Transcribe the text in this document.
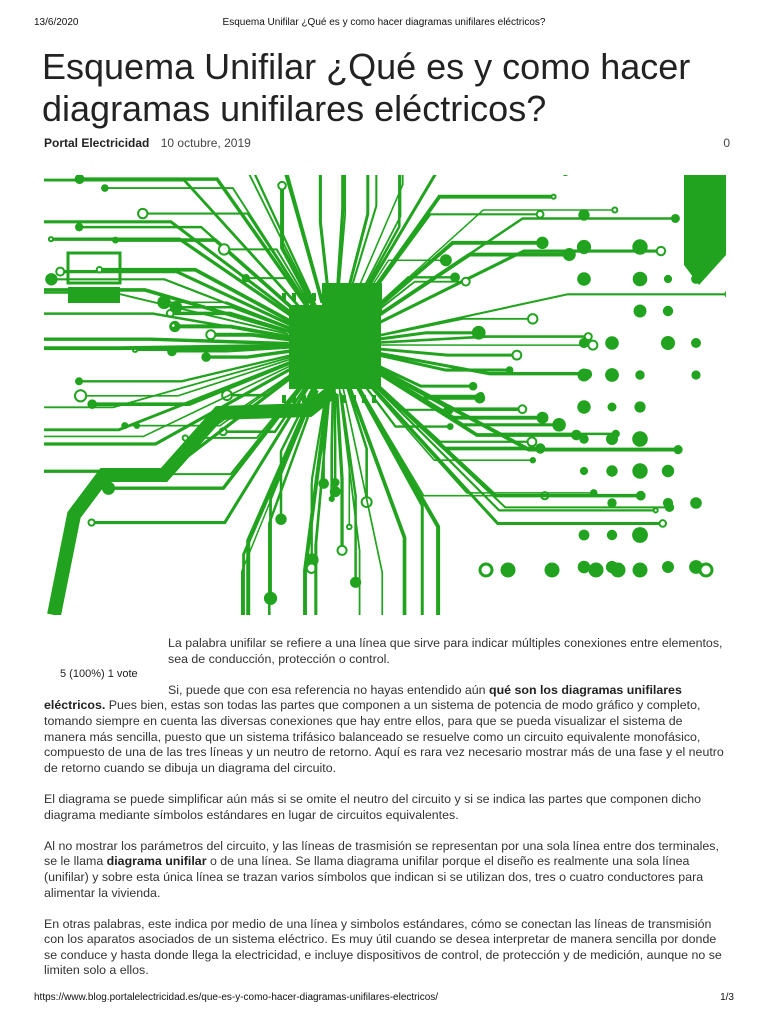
13/6/2020	Esquema Unifilar ¿Qué es y como hacer diagramas unifilares eléctricos?
Esquema Unifilar ¿Qué es y como hacer diagramas unifilares eléctricos?
Portal Electricidad 10 octubre, 2019	0
5 (100%) 1 vote

La palabra unifilar se refiere a una línea que sirve para indicar múltiples conexiones entre elementos, sea de conducción, protección o control.

Si, puede que con esa referencia no hayas entendido aún qué son los diagramas unifilares eléctricos. Pues bien, estas son todas las partes que componen a un sistema de potencia de modo gráfico y completo, tomando siempre en cuenta las diversas conexiones que hay entre ellos, para que se pueda visualizar el sistema de manera más sencilla, puesto que un sistema trifásico balanceado se resuelve como un circuito equivalente monofásico, compuesto de una de las tres líneas y un neutro de retorno. Aquí es rara vez necesario mostrar más de una fase y el neutro de retorno cuando se dibuja un diagrama del circuito.

El diagrama se puede simplificar aún más si se omite el neutro del circuito y si se indica las partes que componen dicho diagrama mediante símbolos estándares en lugar de circuitos equivalentes.

Al no mostrar los parámetros del circuito, y las líneas de trasmisión se representan por una sola línea entre dos terminales, se le llama diagrama unifilar o de una línea. Se llama diagrama unifilar porque el diseño es realmente una sola línea (unifilar) y sobre esta única línea se trazan varios símbolos que indican si se utilizan dos, tres o cuatro conductores para alimentar la vivienda.

En otras palabras, este indica por medio de una línea y simbolos estándares, cómo se conectan las líneas de transmisión con los aparatos asociados de un sistema eléctrico. Es muy útil cuando se desea interpretar de manera sencilla por donde se conduce y hasta donde llega la electricidad, e incluye dispositivos de control, de protección y de medición, aunque no se limiten solo a ellos.

https://www.blog.portalelectricidad.es/que-es-y-como-hacer-diagramas-unifilares-electricos/	1/3
